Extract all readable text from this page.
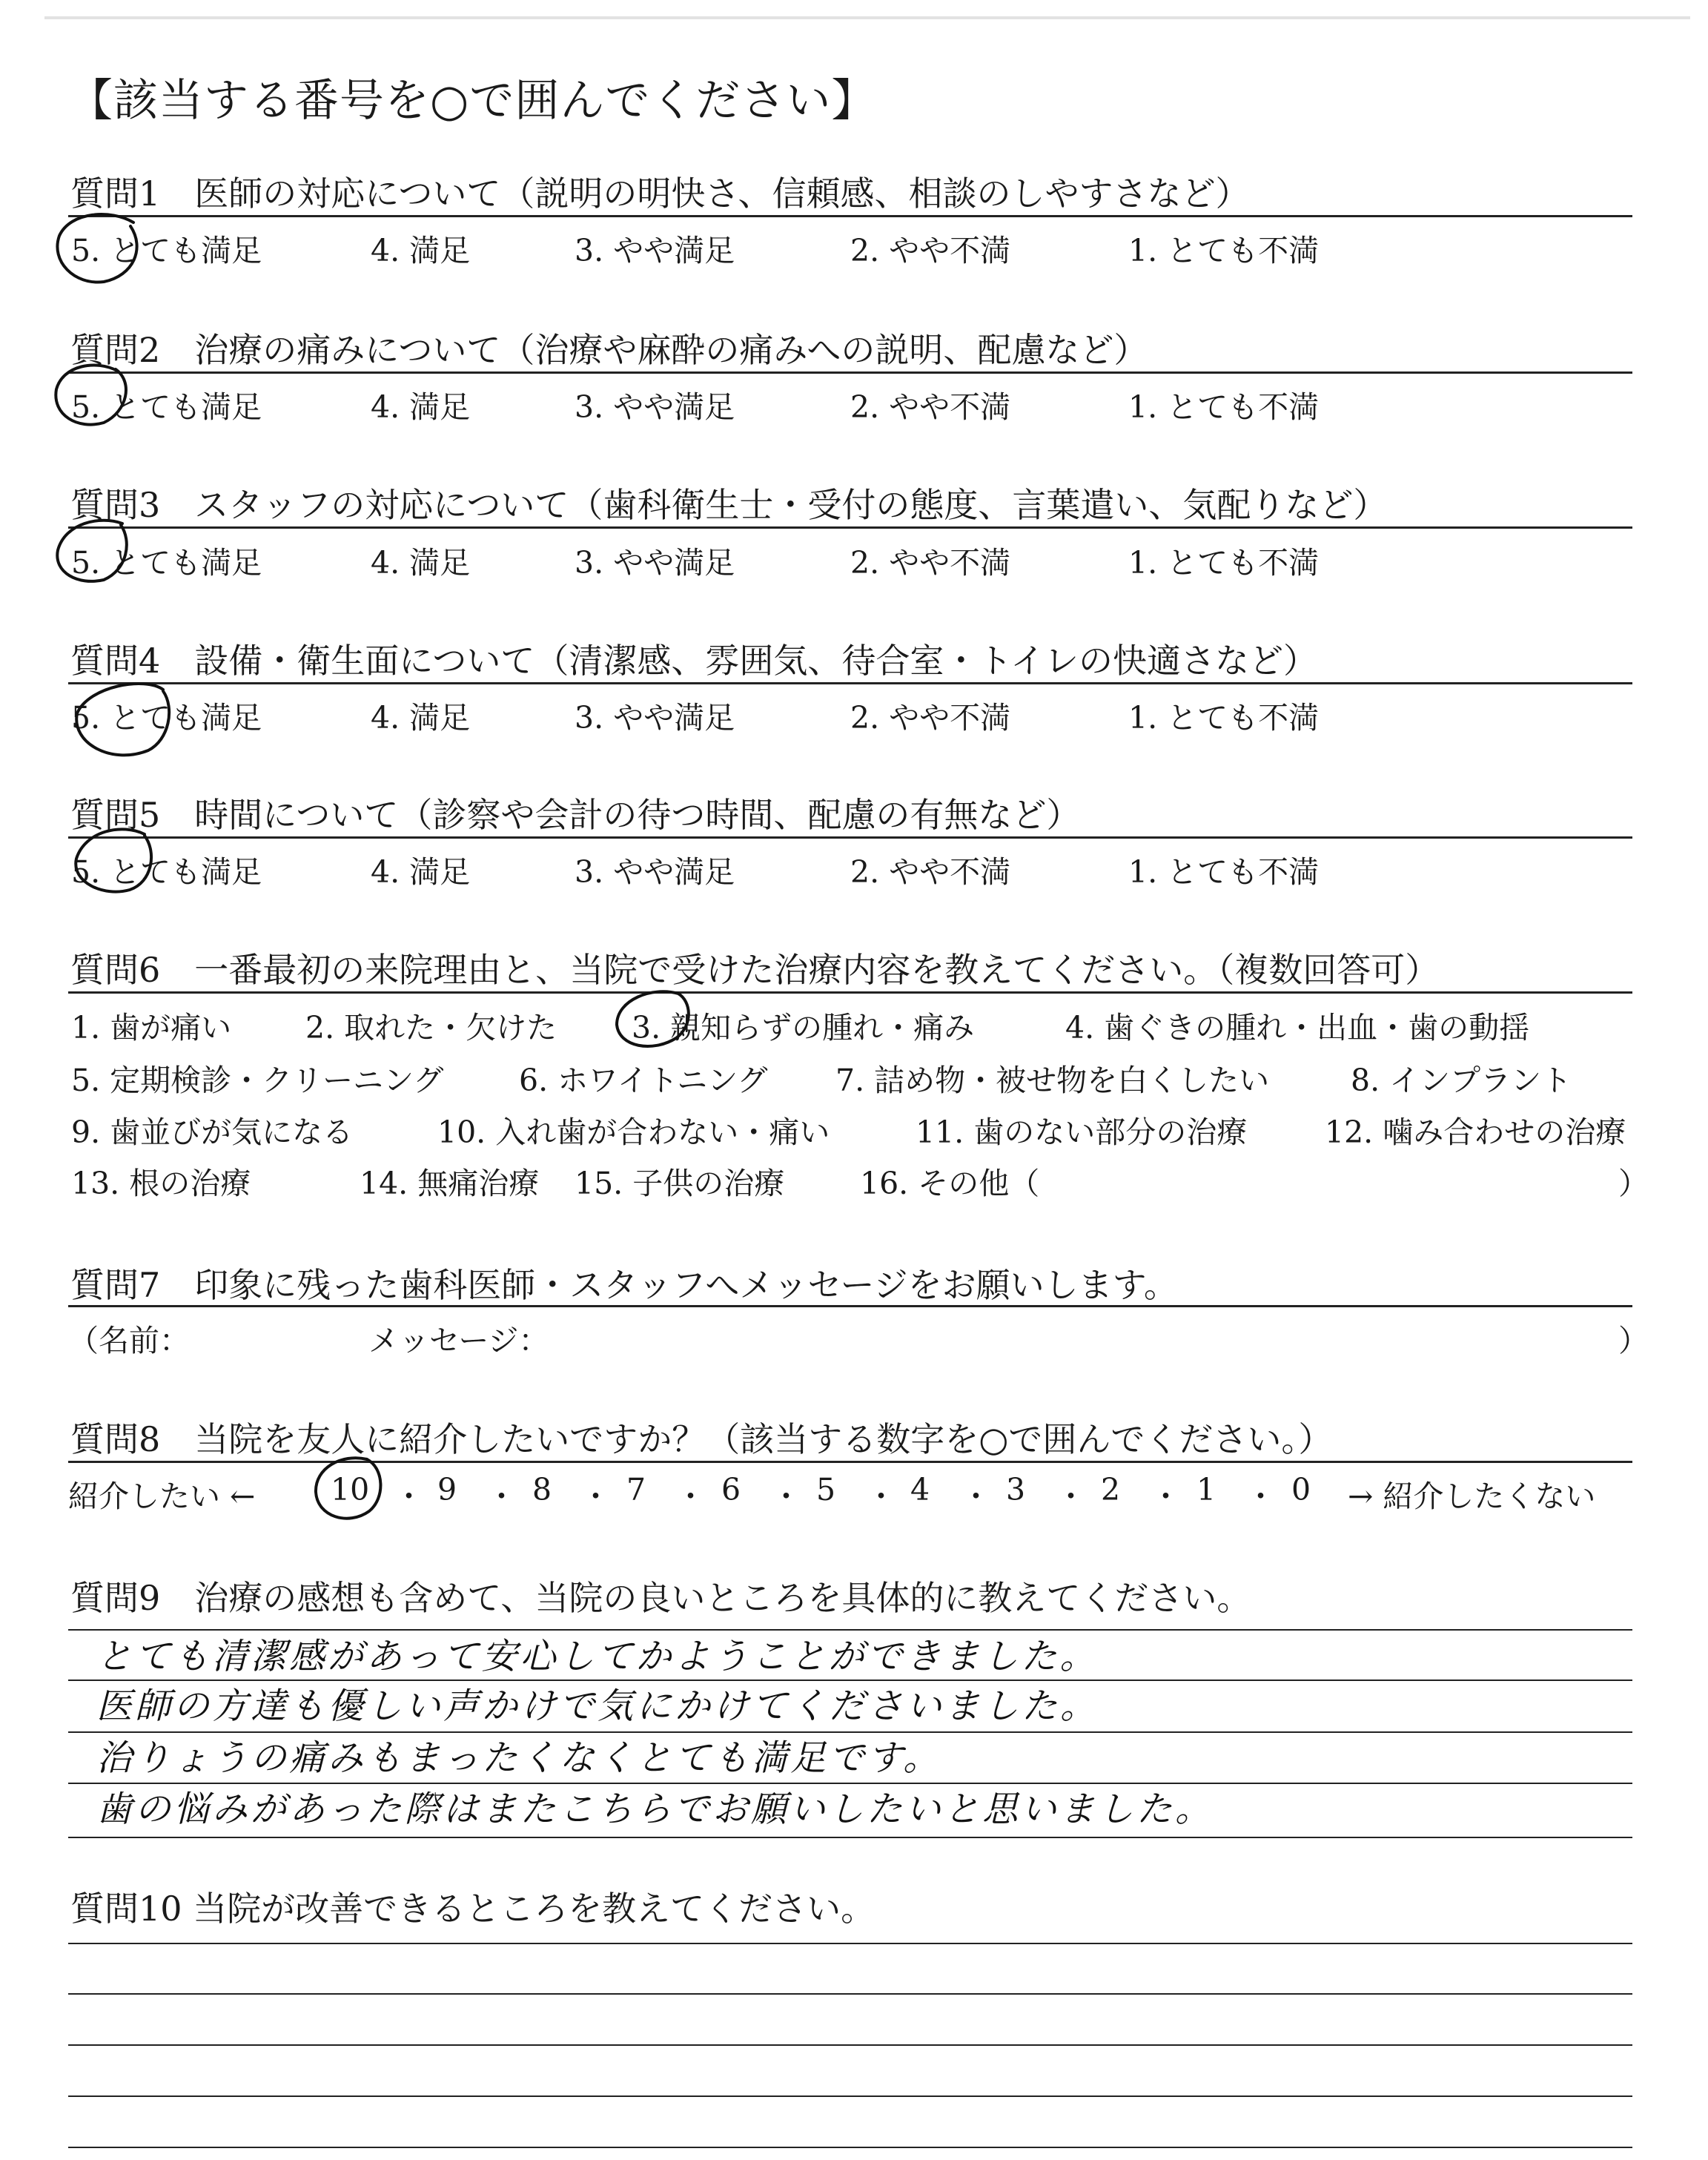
【該当する番号を○で囲んでください】
質問1　医師の対応について（説明の明快さ、信頼感、相談のしやすさなど）
5. とても満足	4. 満足	3. やや満足	2. やや不満	1. とても不満
質問2　治療の痛みについて（治療や麻酔の痛みへの説明、配慮など）
5. とても満足	4. 満足	3. やや満足	2. やや不満	1. とても不満
質問3　スタッフの対応について（歯科衛生士・受付の態度、言葉遣い、気配りなど）
5. とても満足	4. 満足	3. やや満足	2. やや不満	1. とても不満
質問4　設備・衛生面について（清潔感、雰囲気、待合室・トイレの快適さなど）
5. とても満足	4. 満足	3. やや満足	2. やや不満	1. とても不満
質問5　時間について（診察や会計の待つ時間、配慮の有無など）
5. とても満足	4. 満足	3. やや満足	2. やや不満	1. とても不満
質問6　一番最初の来院理由と、当院で受けた治療内容を教えてください。（複数回答可）
1. 歯が痛い 2. 取れた・欠けた 3. 親知らずの腫れ・痛み	4. 歯ぐきの腫れ・出血・歯の動揺
5. 定期検診・クリーニング 6. ホワイトニング 7. 詰め物・被せ物を白くしたい	8. インプラント
9. 歯並びが気になる	10. 入れ歯が合わない・痛い	11. 歯のない部分の治療	12. 噛み合わせの治療
13. 根の治療	14. 無痛治療 15. 子供の治療 16. その他（	）
質問7　印象に残った歯科医師・スタッフへメッセージをお願いします。
（名前：	メッセージ：	）
質問8　当院を友人に紹介したいですか？（該当する数字を○で囲んでください。）
紹介したい ← 10 ・ 9 ・ 8 ・ 7 ・ 6 ・ 5 ・ 4 ・ 3 ・ 2 ・ 1 ・ 0 → 紹介したくない
質問9　治療の感想も含めて、当院の良いところを具体的に教えてください。
とても清潔感があって安心してかようことができました。
医師の方達も優しい声かけで気にかけてくださいました。
治りょうの痛みもまったくなくとても満足です。
歯の悩みがあった際はまたこちらでお願いしたいと思いました。
質問10 当院が改善できるところを教えてください。
